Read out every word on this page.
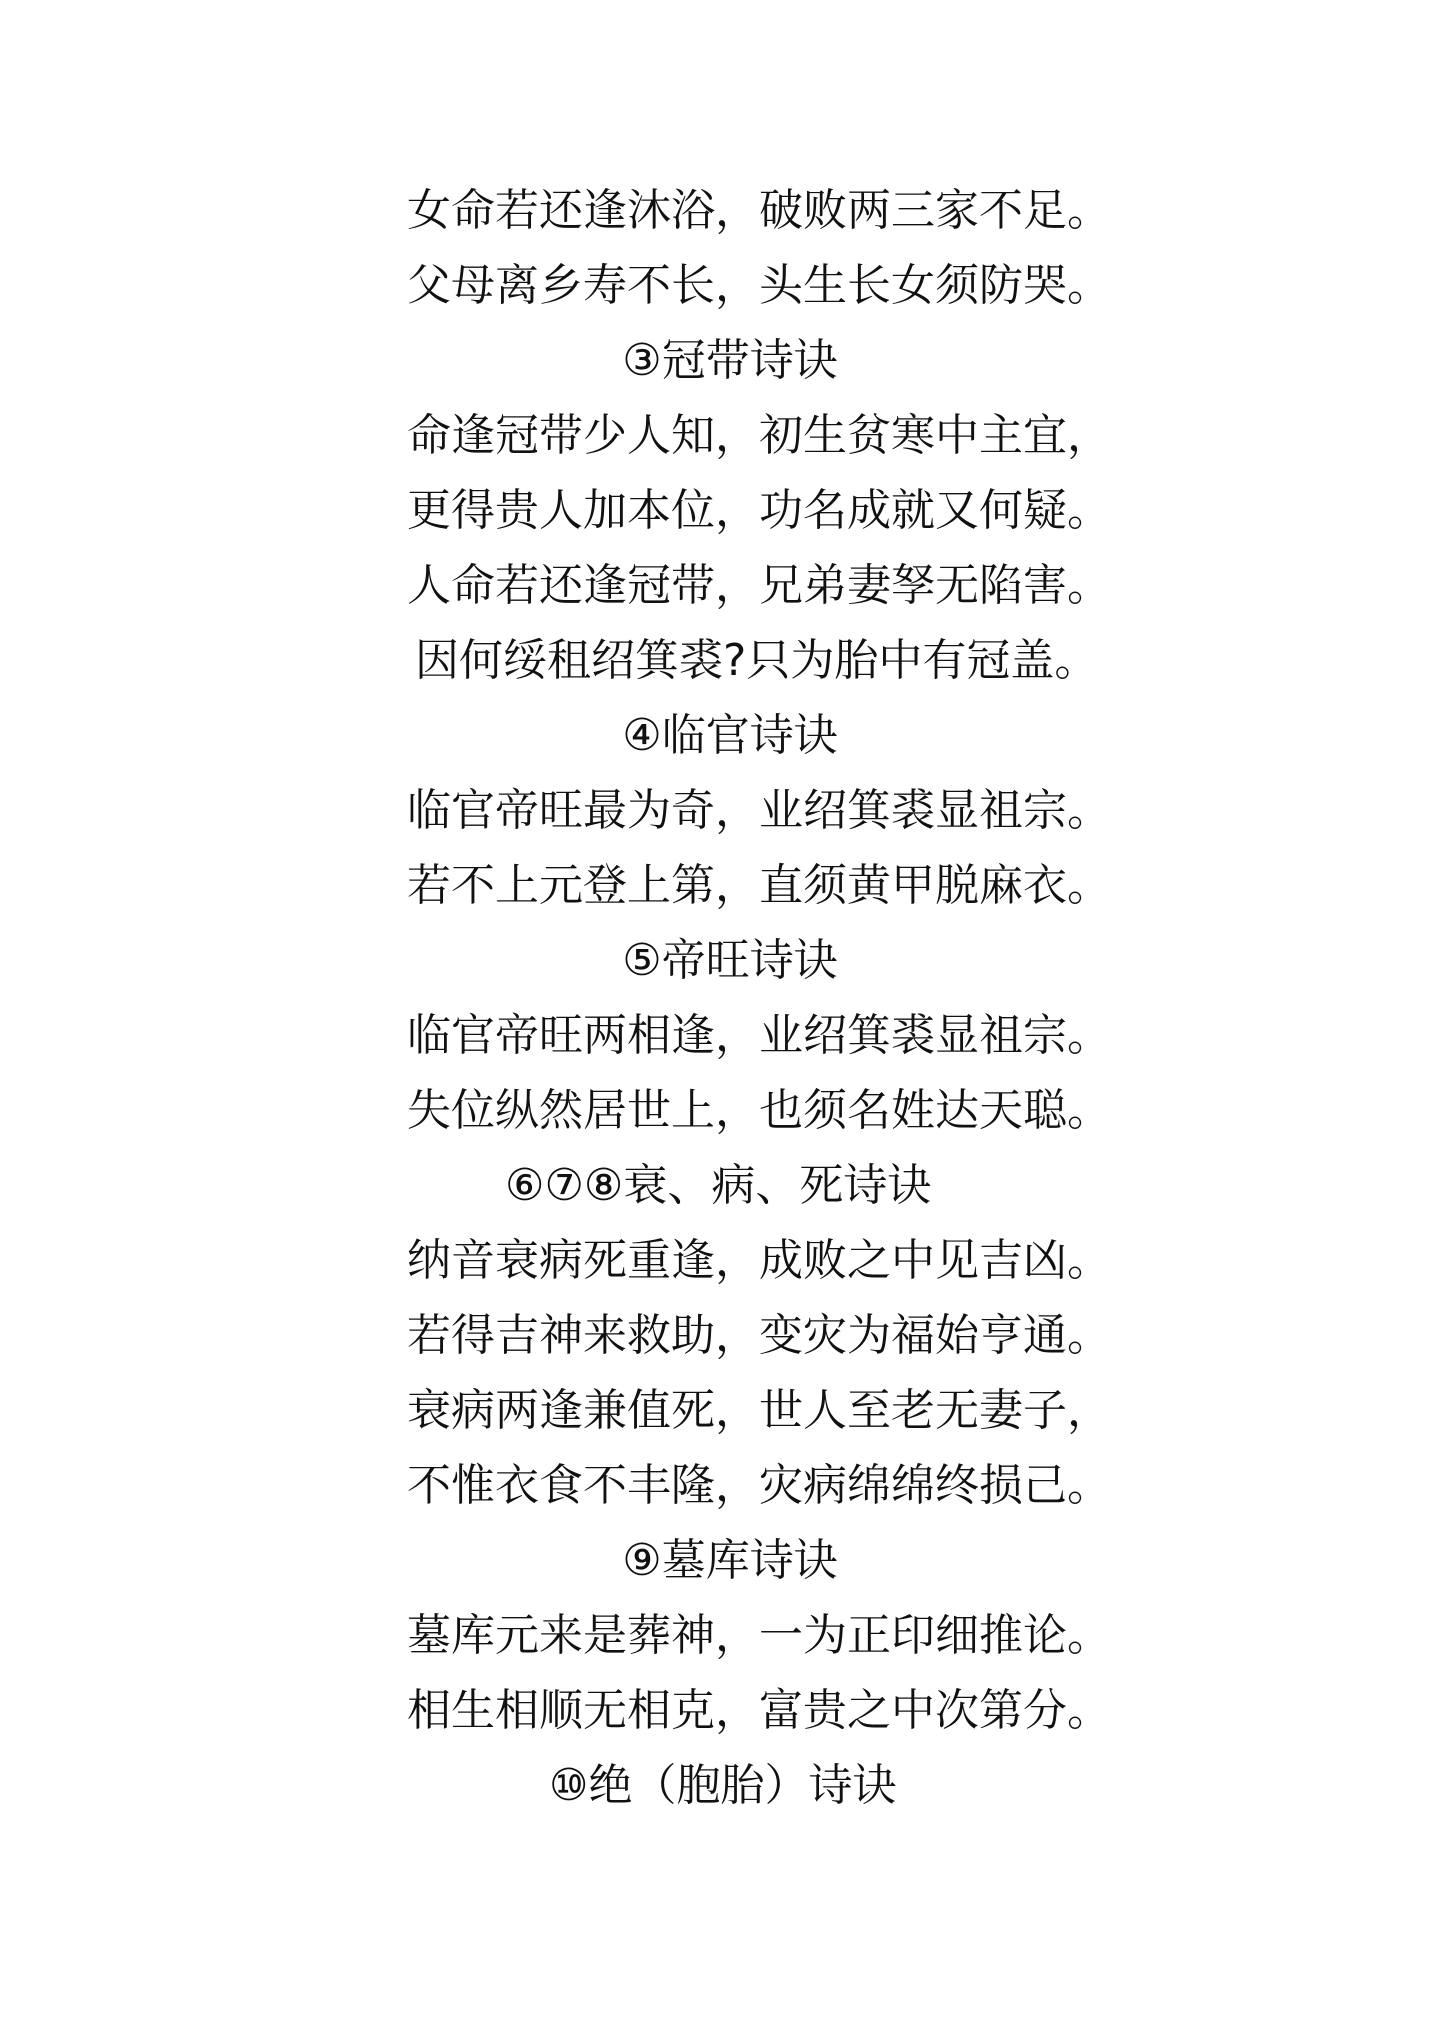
女命若还逢沐浴，破败两三家不足。
父母离乡寿不长，头生长女须防哭。
③冠带诗诀
命逢冠带少人知，初生贫寒中主宜，
更得贵人加本位，功名成就又何疑。
人命若还逢冠带，兄弟妻孥无陷害。
因何绥租绍箕裘?只为胎中有冠盖。
④临官诗诀
临官帝旺最为奇，业绍箕裘显祖宗。
若不上元登上第，直须黄甲脱麻衣。
⑤帝旺诗诀
临官帝旺两相逢，业绍箕裘显祖宗。
失位纵然居世上，也须名姓达天聪。
⑥⑦⑧衰、病、死诗诀
纳音衰病死重逢，成败之中见吉凶。
若得吉神来救助，变灾为福始亨通。
衰病两逢兼值死，世人至老无妻子，
不惟衣食不丰隆，灾病绵绵终损己。
⑨墓库诗诀
墓库元来是葬神，一为正印细推论。
相生相顺无相克，富贵之中次第分。
⑩绝（胞胎）诗诀
